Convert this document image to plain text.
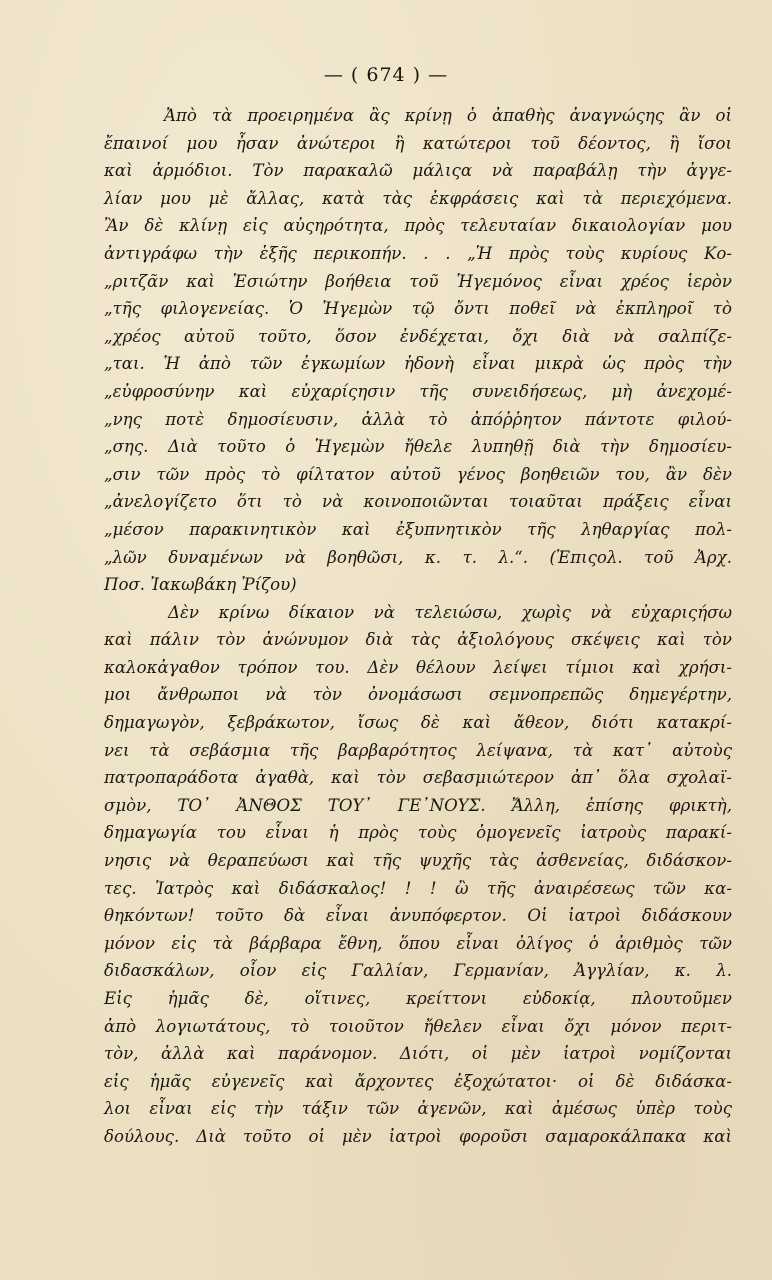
— ( 674 ) —
Ἀπὸ τὰ προειρημένα ἂς κρίνῃ ὁ ἀπαθὴς ἀναγνώςης ἂν οἱ
ἔπαινοί μου ἦσαν ἀνώτεροι ἢ κατώτεροι τοῦ δέοντος, ἢ ἴσοι
καὶ ἁρμόδιοι. Τὸν παρακαλῶ μάλιςα νὰ παραβάλῃ τὴν ἀγγε-
λίαν μου μὲ ἄλλας, κατὰ τὰς ἐκφράσεις καὶ τὰ περιεχόμενα.
Ἂν δὲ κλίνῃ εἰς αὐςηρότητα, πρὸς τελευταίαν δικαιολογίαν μου
ἀντιγράφω τὴν ἑξῆς περικοπήν. . . „Ἡ πρὸς τοὺς κυρίους Κο-
„ριτζᾶν καὶ Ἐσιώτην βοήθεια τοῦ Ἡγεμόνος εἶναι χρέος ἱερὸν
„τῆς φιλογενείας. Ὁ Ἡγεμὼν τῷ ὄντι ποθεῖ νὰ ἐκπληροῖ τὸ
„χρέος αὐτοῦ τοῦτο, ὅσον ἐνδέχεται, ὄχι διὰ νὰ σαλπίζε-
„ται. Ἡ ἀπὸ τῶν ἐγκωμίων ἡδονὴ εἶναι μικρὰ ὡς πρὸς τὴν
„εὐφροσύνην καὶ εὐχαρίςησιν τῆς συνειδήσεως, μὴ ἀνεχομέ-
„νης ποτὲ δημοσίευσιν, ἀλλὰ τὸ ἀπόῤῥητον πάντοτε φιλού-
„σης. Διὰ τοῦτο ὁ Ἡγεμὼν ἤθελε λυπηθῇ διὰ τὴν δημοσίευ-
„σιν τῶν πρὸς τὸ φίλτατον αὐτοῦ γένος βοηθειῶν του, ἂν δὲν
„ἀνελογίζετο ὅτι τὸ νὰ κοινοποιῶνται τοιαῦται πράξεις εἶναι
„μέσον παρακινητικὸν καὶ ἐξυπνητικὸν τῆς ληθαργίας πολ-
„λῶν δυναμένων νὰ βοηθῶσι, κ. τ. λ.“. (Ἐπιςολ. τοῦ Ἀρχ.
Ποσ. Ἰακωβάκη Ῥίζου)
Δὲν κρίνω δίκαιον νὰ τελειώσω, χωρὶς νὰ εὐχαριςήσω
καὶ πάλιν τὸν ἀνώνυμον διὰ τὰς ἀξιολόγους σκέψεις καὶ τὸν
καλοκἀγαθον τρόπον του. Δὲν θέλουν λείψει τίμιοι καὶ χρήσι-
μοι ἄνθρωποι νὰ τὸν ὀνομάσωσι σεμνοπρεπῶς δημεγέρτην,
δημαγωγὸν, ξεβράκωτον, ἴσως δὲ καὶ ἄθεον, διότι κατακρί-
νει τὰ σεβάσμια τῆς βαρβαρότητος λείψανα, τὰ κατ᾽ αὐτοὺς
πατροπαράδοτα ἀγαθὰ, καὶ τὸν σεβασμιώτερον ἀπ᾽ ὅλα σχολαϊ-
σμὸν, ΤΟ᾽ ἈΝΘΟΣ ΤΟΥ᾽ ΓΕ᾽ΝΟΥΣ. Ἄλλη, ἐπίσης φρικτὴ,
δημαγωγία του εἶναι ἡ πρὸς τοὺς ὁμογενεῖς ἰατροὺς παρακί-
νησις νὰ θεραπεύωσι καὶ τῆς ψυχῆς τὰς ἀσθενείας, διδάσκον-
τες. Ἰατρὸς καὶ διδάσκαλος! ! ! ὢ τῆς ἀναιρέσεως τῶν κα-
θηκόντων! τοῦτο δὰ εἶναι ἀνυπόφερτον. Οἱ ἰατροὶ διδάσκουν
μόνον εἰς τὰ βάρβαρα ἔθνη, ὅπου εἶναι ὀλίγος ὁ ἀριθμὸς τῶν
διδασκάλων, οἷον εἰς Γαλλίαν, Γερμανίαν, Ἀγγλίαν, κ. λ.
Εἰς ἡμᾶς δὲ, οἵτινες, κρείττονι εὐδοκίᾳ, πλουτοῦμεν
ἀπὸ λογιωτάτους, τὸ τοιοῦτον ἤθελεν εἶναι ὄχι μόνον περιτ-
τὸν, ἀλλὰ καὶ παράνομον. Διότι, οἱ μὲν ἰατροὶ νομίζονται
εἰς ἡμᾶς εὐγενεῖς καὶ ἄρχοντες ἐξοχώτατοι· οἱ δὲ διδάσκα-
λοι εἶναι εἰς τὴν τάξιν τῶν ἀγενῶν, καὶ ἀμέσως ὑπὲρ τοὺς
δούλους. Διὰ τοῦτο οἱ μὲν ἰατροὶ φοροῦσι σαμαροκάλπακα καὶ
